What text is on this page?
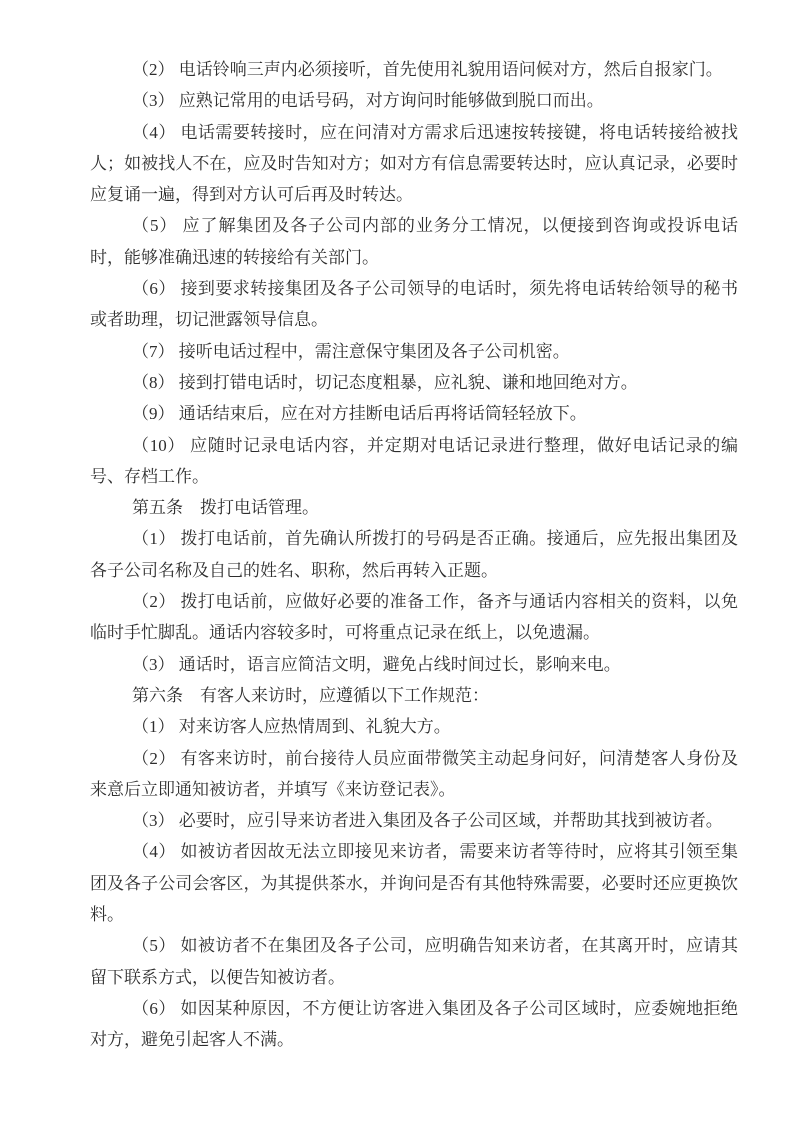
（2） 电话铃响三声内必须接听，首先使用礼貌用语问候对方，然后自报家门。

（3） 应熟记常用的电话号码，对方询问时能够做到脱口而出。

（4） 电话需要转接时，应在问清对方需求后迅速按转接键，将电话转接给被找人；如被找人不在，应及时告知对方；如对方有信息需要转达时，应认真记录，必要时应复诵一遍，得到对方认可后再及时转达。

（5） 应了解集团及各子公司内部的业务分工情况，以便接到咨询或投诉电话时，能够准确迅速的转接给有关部门。

（6） 接到要求转接集团及各子公司领导的电话时，须先将电话转给领导的秘书或者助理，切记泄露领导信息。

（7） 接听电话过程中，需注意保守集团及各子公司机密。

（8） 接到打错电话时，切记态度粗暴，应礼貌、谦和地回绝对方。

（9） 通话结束后，应在对方挂断电话后再将话筒轻轻放下。

（10） 应随时记录电话内容，并定期对电话记录进行整理，做好电话记录的编号、存档工作。

第五条　拨打电话管理。

（1） 拨打电话前，首先确认所拨打的号码是否正确。接通后，应先报出集团及各子公司名称及自己的姓名、职称，然后再转入正题。

（2） 拨打电话前，应做好必要的准备工作，备齐与通话内容相关的资料，以免临时手忙脚乱。通话内容较多时，可将重点记录在纸上，以免遗漏。

（3） 通话时，语言应简洁文明，避免占线时间过长，影响来电。

第六条　有客人来访时，应遵循以下工作规范：

（1） 对来访客人应热情周到、礼貌大方。

（2） 有客来访时，前台接待人员应面带微笑主动起身问好，问清楚客人身份及来意后立即通知被访者，并填写《来访登记表》。

（3） 必要时，应引导来访者进入集团及各子公司区域，并帮助其找到被访者。

（4） 如被访者因故无法立即接见来访者，需要来访者等待时，应将其引领至集团及各子公司会客区，为其提供茶水，并询问是否有其他特殊需要，必要时还应更换饮料。

（5） 如被访者不在集团及各子公司，应明确告知来访者，在其离开时，应请其留下联系方式，以便告知被访者。

（6） 如因某种原因，不方便让访客进入集团及各子公司区域时，应委婉地拒绝对方，避免引起客人不满。
